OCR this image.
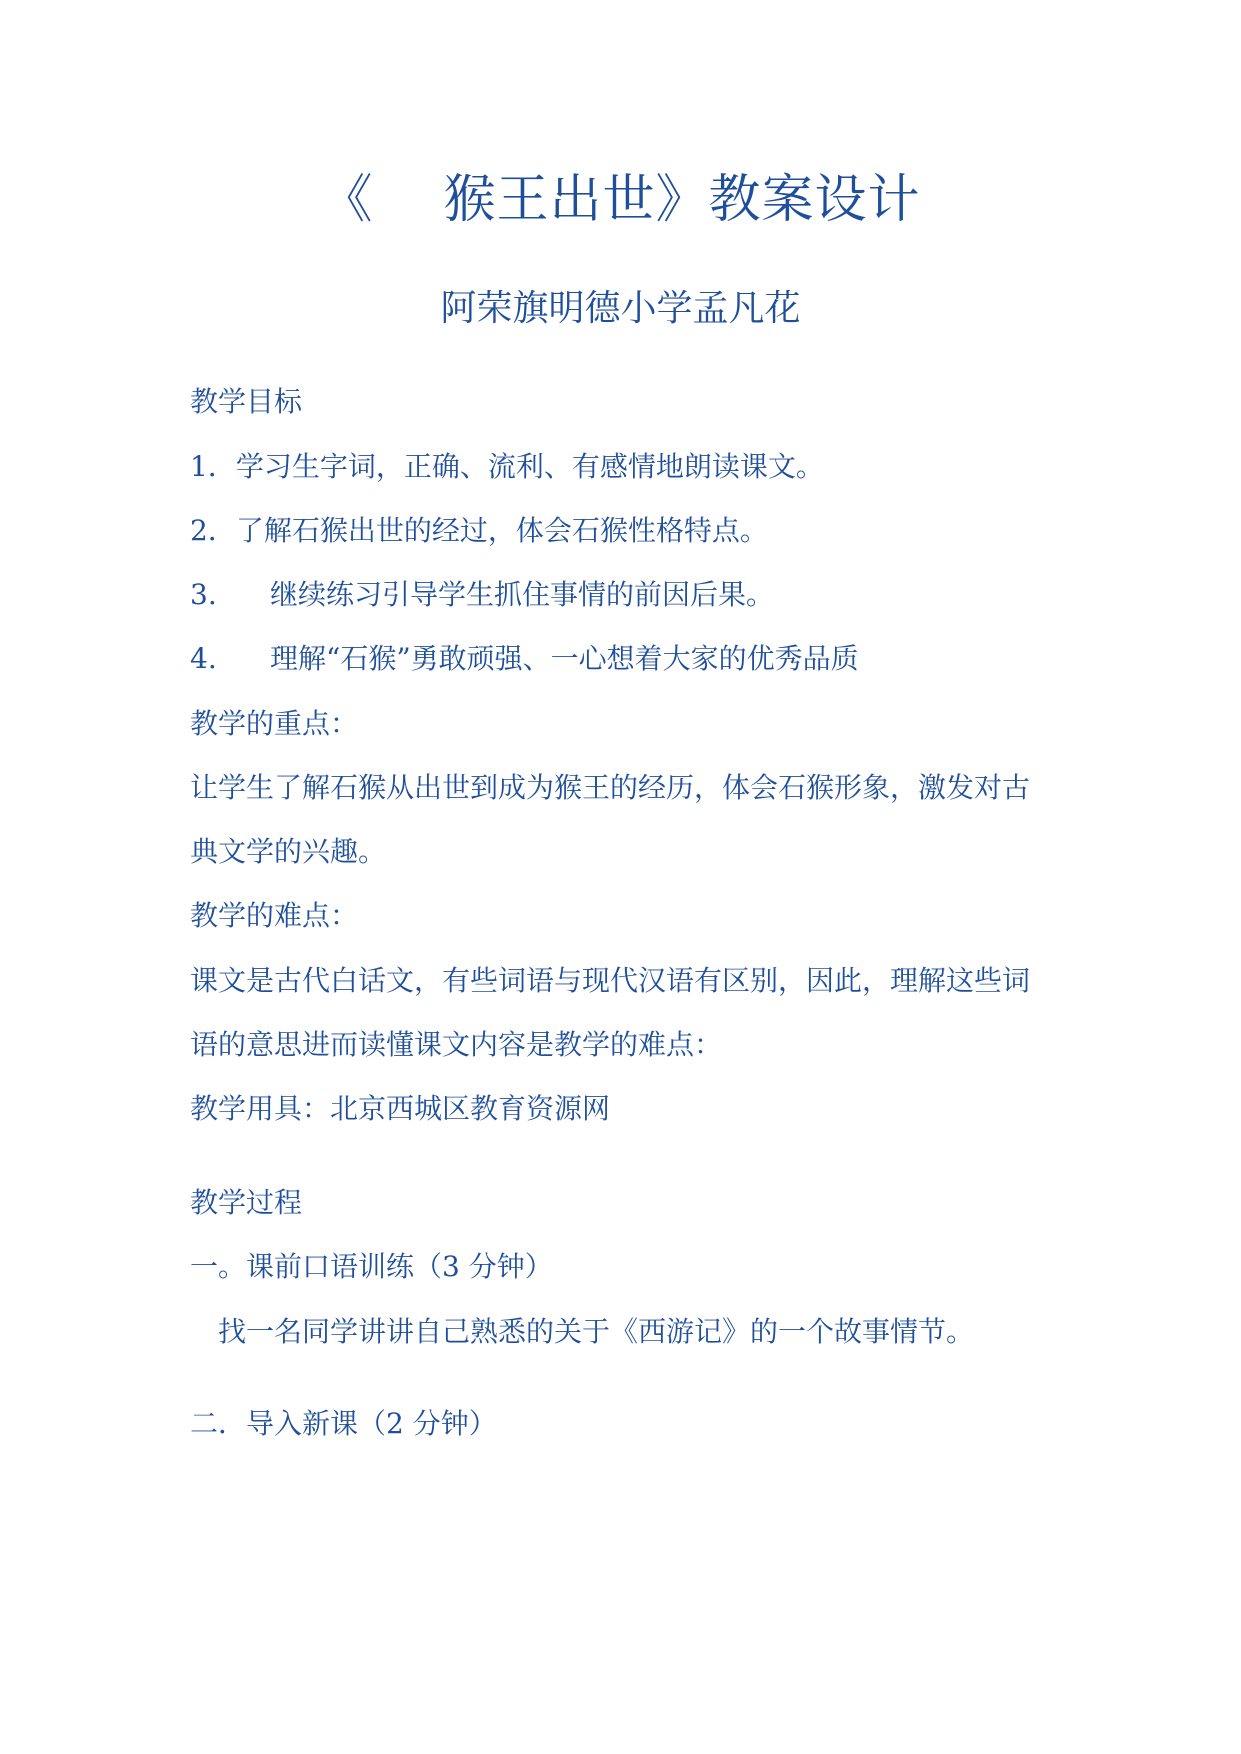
《 猴王出世》教案设计
阿荣旗明德小学孟凡花
教学目标
1．学习生字词，正确、流利、有感情地朗读课文。
2．了解石猴出世的经过，体会石猴性格特点。
3. 继续练习引导学生抓住事情的前因后果。
4. 理解“石猴”勇敢顽强、一心想着大家的优秀品质
教学的重点：
让学生了解石猴从出世到成为猴王的经历，体会石猴形象，激发对古
典文学的兴趣。
教学的难点：
课文是古代白话文，有些词语与现代汉语有区别，因此，理解这些词
语的意思进而读懂课文内容是教学的难点：
教学用具：北京西城区教育资源网
教学过程
一。课前口语训练（3 分钟）
找一名同学讲讲自己熟悉的关于《西游记》的一个故事情节。
二．导入新课（2 分钟）
